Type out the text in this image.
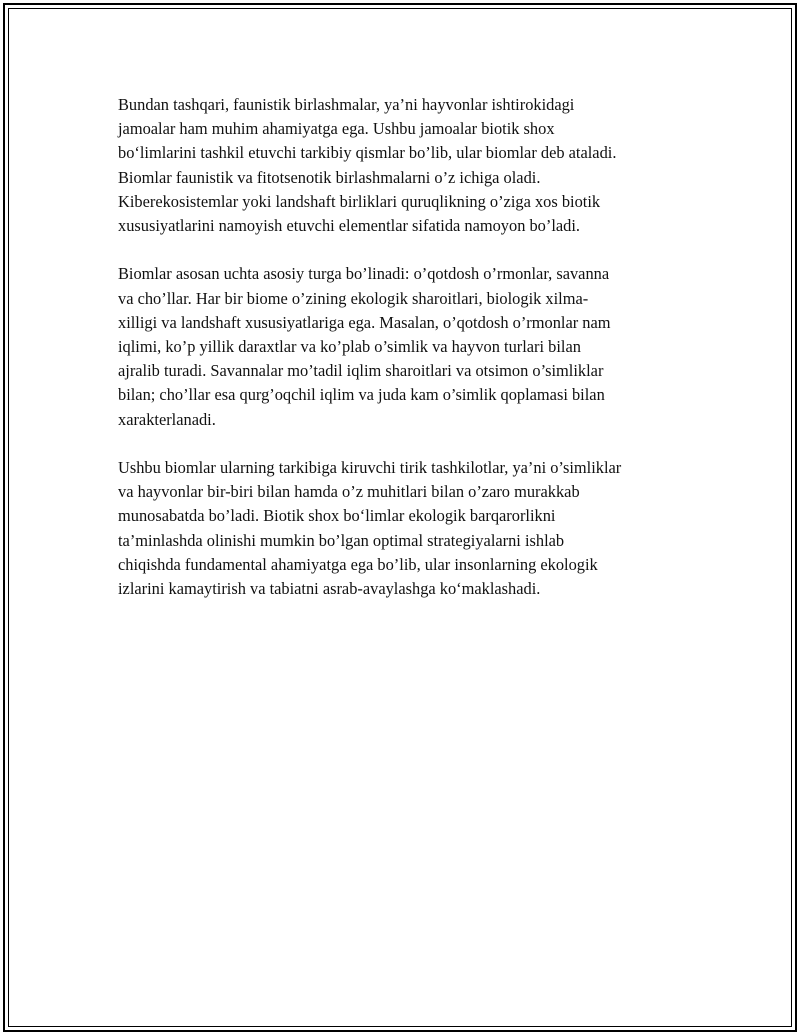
Bundan tashqari, faunistik birlashmalar, ya’ni hayvonlar ishtirokidagi
jamoalar ham muhim ahamiyatga ega. Ushbu jamoalar biotik shox
bo‘limlarini tashkil etuvchi tarkibiy qismlar bo’lib, ular biomlar deb ataladi.
Biomlar faunistik va fitotsenotik birlashmalarni o’z ichiga oladi.
Kiberekosistemlar yoki landshaft birliklari quruqlikning o’ziga xos biotik
xususiyatlarini namoyish etuvchi elementlar sifatida namoyon bo’ladi.

Biomlar asosan uchta asosiy turga bo’linadi: o’qotdosh o’rmonlar, savanna
va cho’llar. Har bir biome o’zining ekologik sharoitlari, biologik xilma-
xilligi va landshaft xususiyatlariga ega. Masalan, o’qotdosh o’rmonlar nam
iqlimi, ko’p yillik daraxtlar va ko’plab o’simlik va hayvon turlari bilan
ajralib turadi. Savannalar mo’tadil iqlim sharoitlari va otsimon o’simliklar
bilan; cho’llar esa qurg’oqchil iqlim va juda kam o’simlik qoplamasi bilan
xarakterlanadi.

Ushbu biomlar ularning tarkibiga kiruvchi tirik tashkilotlar, ya’ni o’simliklar
va hayvonlar bir-biri bilan hamda o’z muhitlari bilan o’zaro murakkab
munosabatda bo’ladi. Biotik shox bo‘limlar ekologik barqarorlikni
ta’minlashda olinishi mumkin bo’lgan optimal strategiyalarni ishlab
chiqishda fundamental ahamiyatga ega bo’lib, ular insonlarning ekologik
izlarini kamaytirish va tabiatni asrab-avaylashga ko‘maklashadi.
